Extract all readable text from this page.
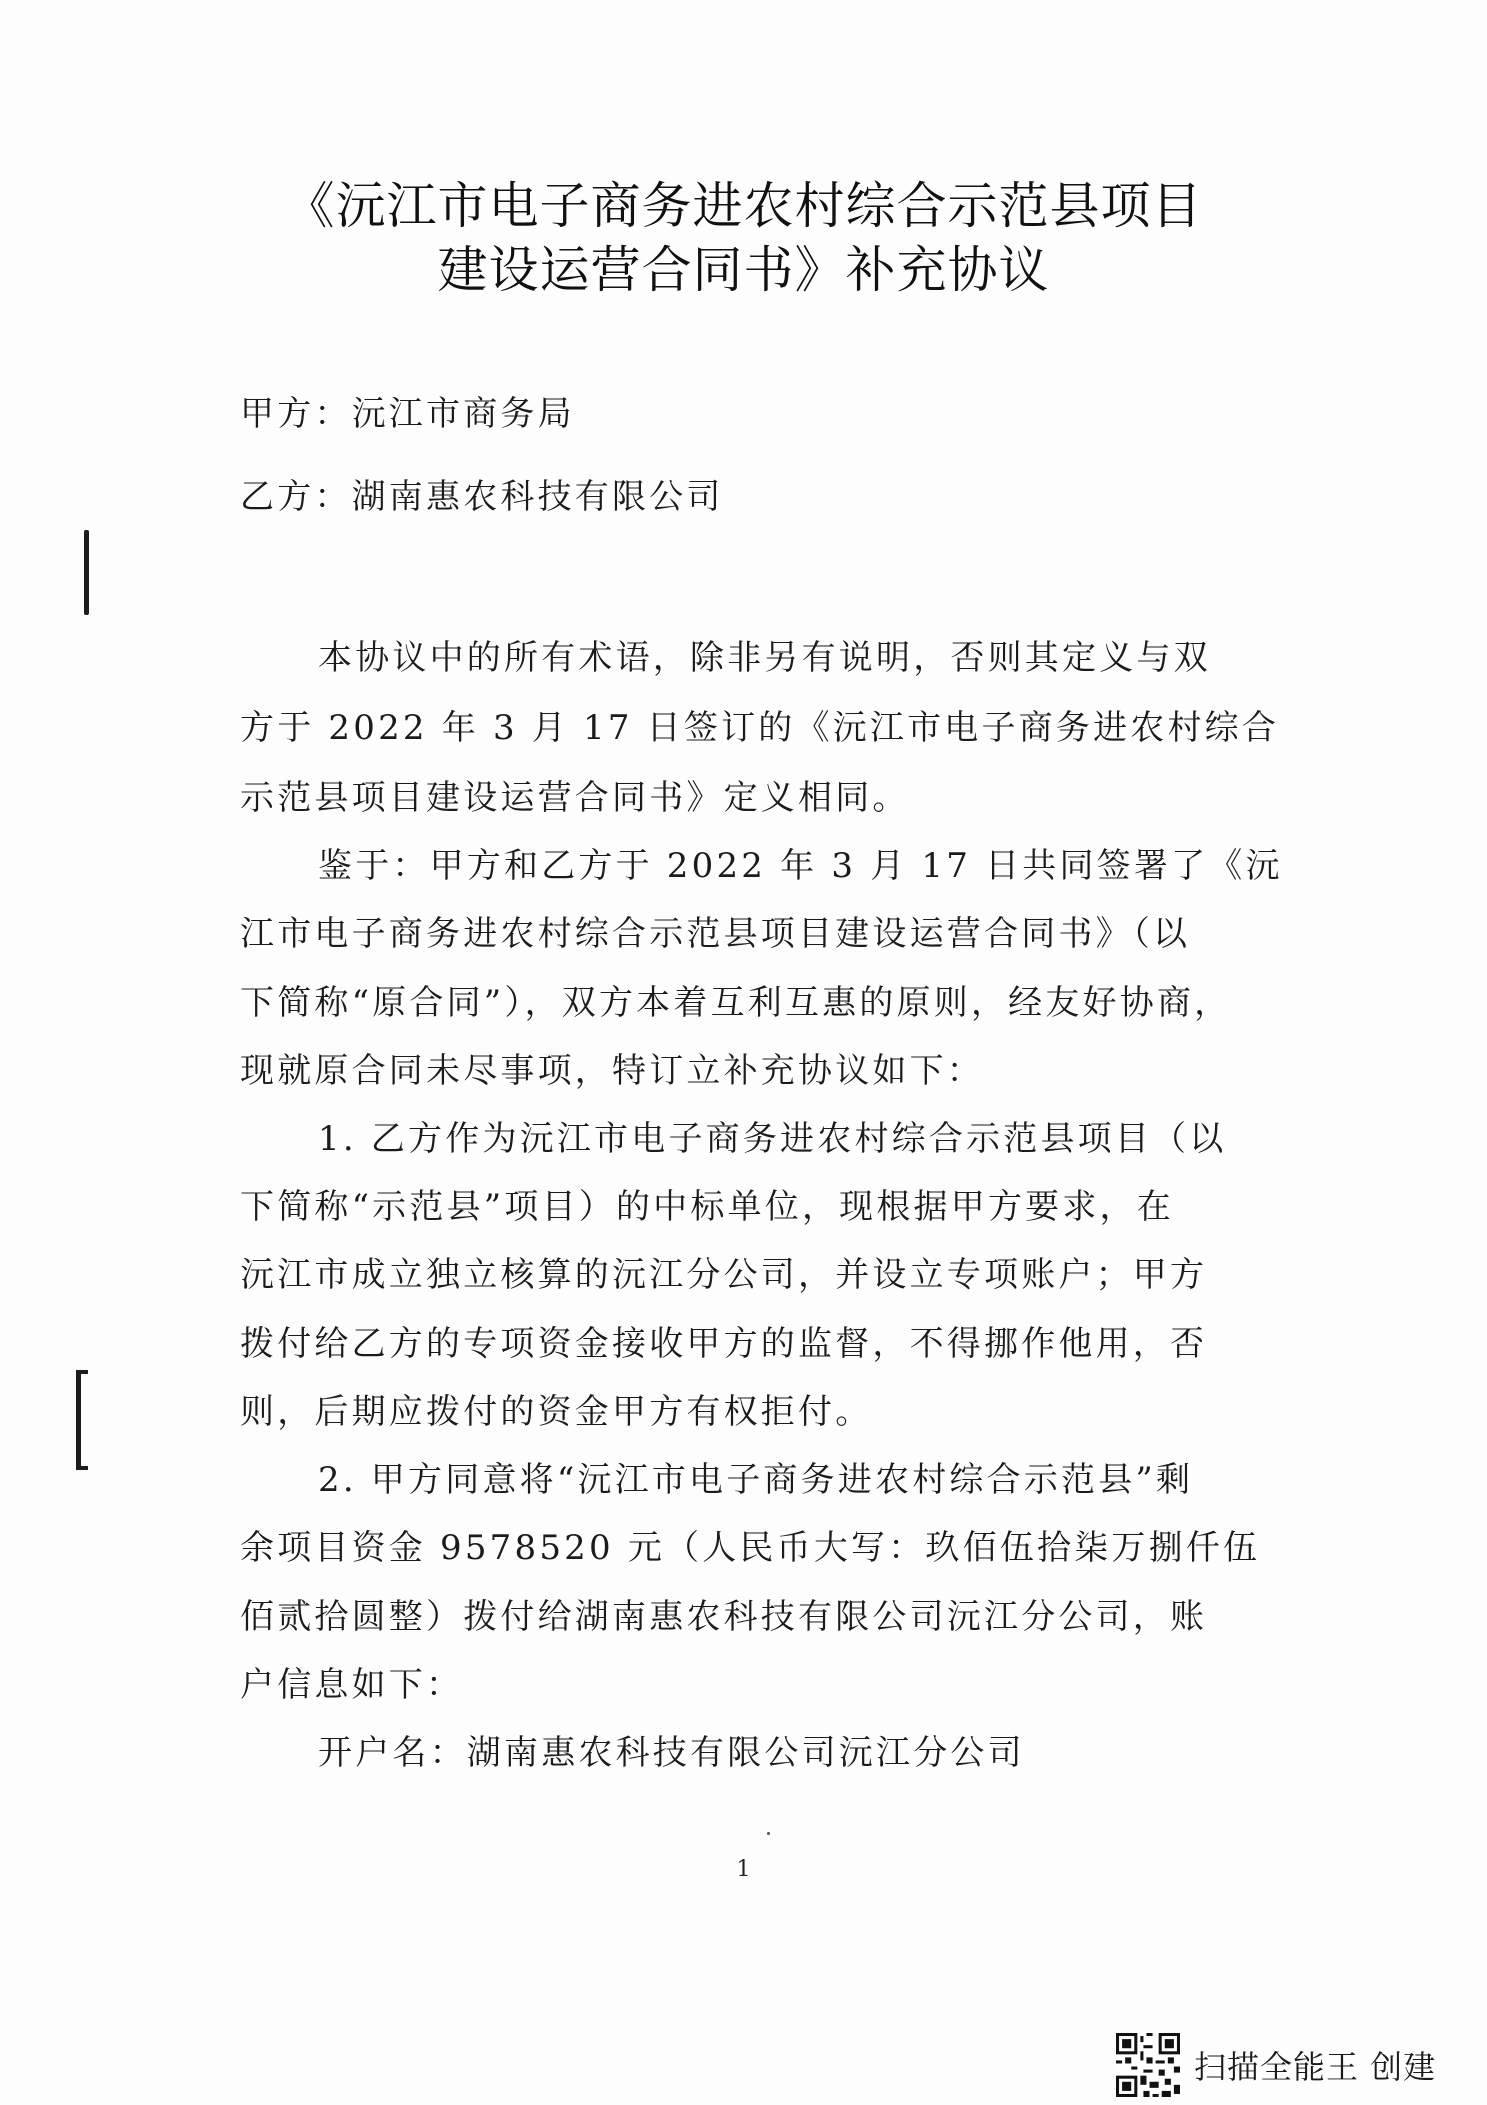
《沅江市电子商务进农村综合示范县项目
建设运营合同书》补充协议
甲方：沅江市商务局
乙方：湖南惠农科技有限公司
本协议中的所有术语，除非另有说明，否则其定义与双
方于 2022 年 3 月 17 日签订的《沅江市电子商务进农村综合
示范县项目建设运营合同书》定义相同。
鉴于：甲方和乙方于 2022 年 3 月 17 日共同签署了《沅
江市电子商务进农村综合示范县项目建设运营合同书》（以
下简称“原合同”），双方本着互利互惠的原则，经友好协商，
现就原合同未尽事项，特订立补充协议如下：
1. 乙方作为沅江市电子商务进农村综合示范县项目（以
下简称“示范县”项目）的中标单位，现根据甲方要求，在
沅江市成立独立核算的沅江分公司，并设立专项账户；甲方
拨付给乙方的专项资金接收甲方的监督，不得挪作他用，否
则，后期应拨付的资金甲方有权拒付。
2. 甲方同意将“沅江市电子商务进农村综合示范县”剩
余项目资金 9578520 元（人民币大写：玖佰伍拾柒万捌仟伍
佰贰拾圆整）拨付给湖南惠农科技有限公司沅江分公司，账
户信息如下：
开户名：湖南惠农科技有限公司沅江分公司
1
扫描全能王 创建
